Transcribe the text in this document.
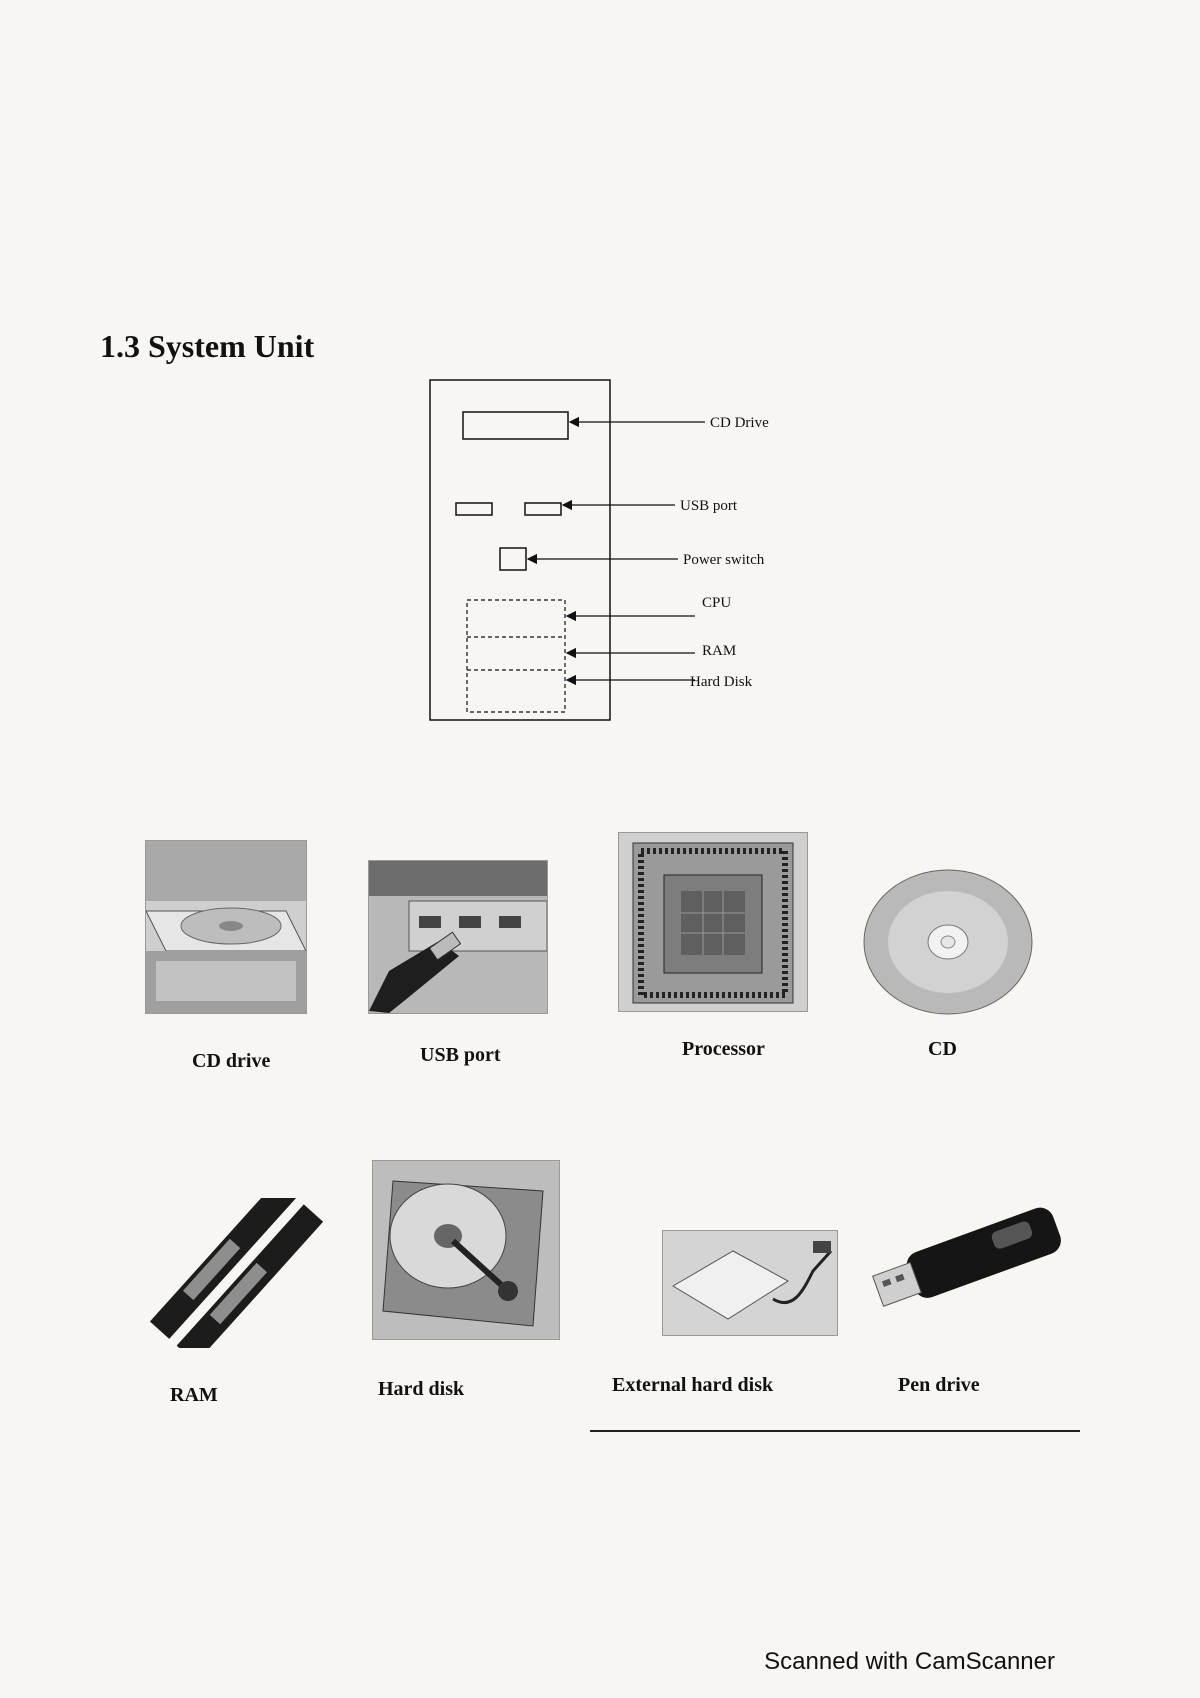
1.3 System Unit
CD Drive
USB port
Power switch
CPU
RAM
Hard Disk
CD drive	USB port	Processor	CD
RAM	Hard disk	External hard disk	Pen drive
Scanned with CamScanner
